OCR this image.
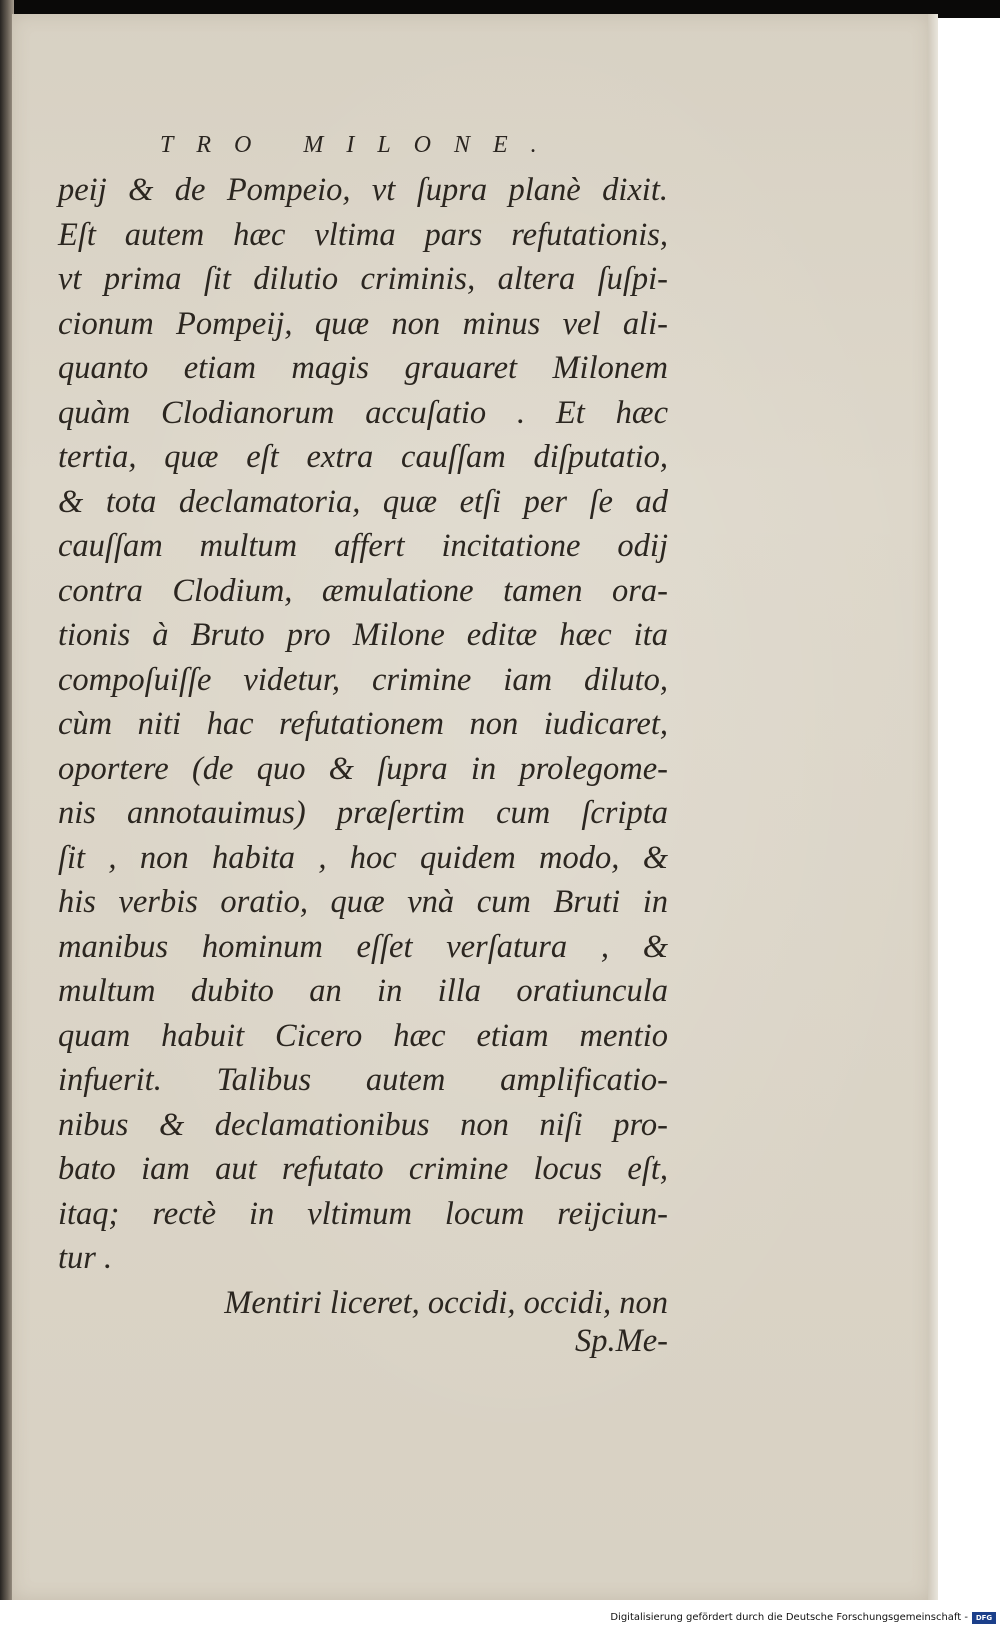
TRO MILONE.
peij & de Pompeio, vt ſupra planè dixit.
Eſt autem hæc vltima pars refutationis,
vt prima ſit dilutio criminis, altera ſuſpi-
cionum Pompeij, quæ non minus vel ali-
quanto etiam magis grauaret Milonem
quàm Clodianorum accuſatio . Et hæc
tertia, quæ eſt extra cauſſam diſputatio,
& tota declamatoria, quæ etſi per ſe ad
cauſſam multum affert incitatione odij
contra Clodium, æmulatione tamen ora-
tionis à Bruto pro Milone editæ hæc ita
compoſuiſſe videtur, crimine iam diluto,
cùm niti hac refutationem non iudicaret,
oportere (de quo & ſupra in prolegome-
nis annotauimus) præſertim cum ſcripta
ſit , non habita , hoc quidem modo, &
his verbis oratio, quæ vnà cum Bruti in
manibus hominum eſſet verſatura , &
multum dubito an in illa oratiuncula
quam habuit Cicero hæc etiam mentio
infuerit. Talibus autem amplificatio-
nibus & declamationibus non niſi pro-
bato iam aut refutato crimine locus eſt,
itaq; rectè in vltimum locum reijciun-
tur .
Mentiri liceret, occidi, occidi, non
Sp.Me-
Digitalisierung gefördert durch die Deutsche Forschungsgemeinschaft -	DFG
